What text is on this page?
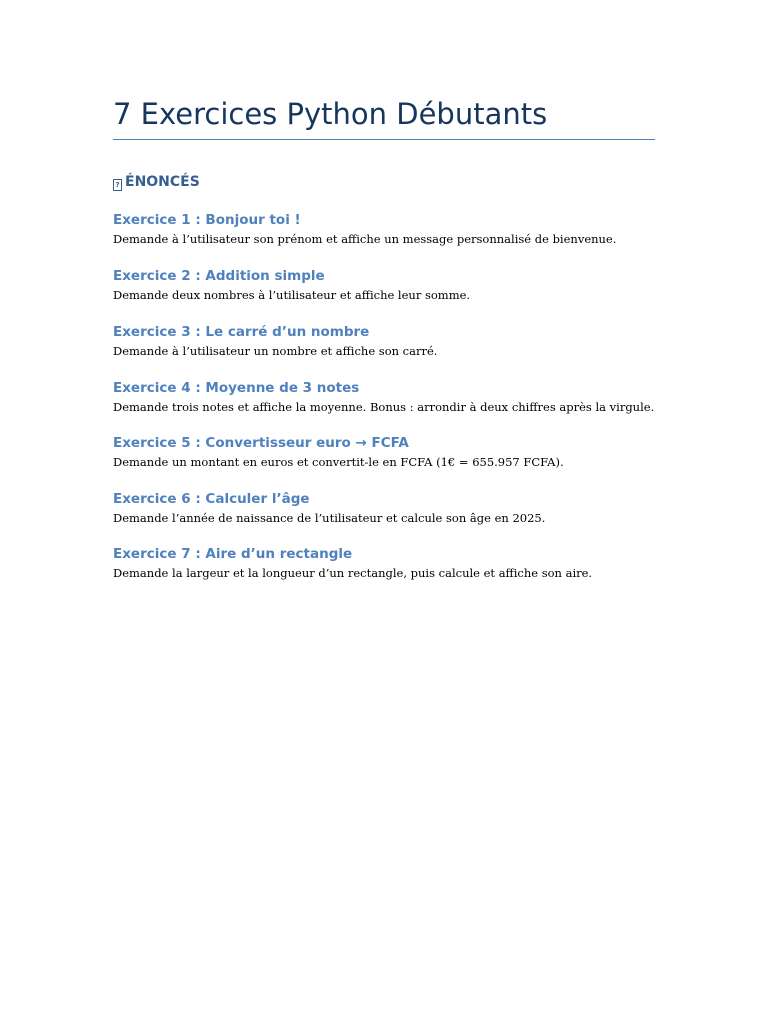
7 Exercices Python Débutants
? ÉNONCÉS

Exercice 1 : Bonjour toi !

Demande à l’utilisateur son prénom et affiche un message personnalisé de bienvenue.

Exercice 2 : Addition simple

Demande deux nombres à l’utilisateur et affiche leur somme.

Exercice 3 : Le carré d’un nombre

Demande à l’utilisateur un nombre et affiche son carré.

Exercice 4 : Moyenne de 3 notes

Demande trois notes et affiche la moyenne. Bonus : arrondir à deux chiffres après la virgule.

Exercice 5 : Convertisseur euro → FCFA

Demande un montant en euros et convertit-le en FCFA (1€ = 655.957 FCFA).

Exercice 6 : Calculer l’âge

Demande l’année de naissance de l’utilisateur et calcule son âge en 2025.

Exercice 7 : Aire d’un rectangle

Demande la largeur et la longueur d’un rectangle, puis calcule et affiche son aire.
